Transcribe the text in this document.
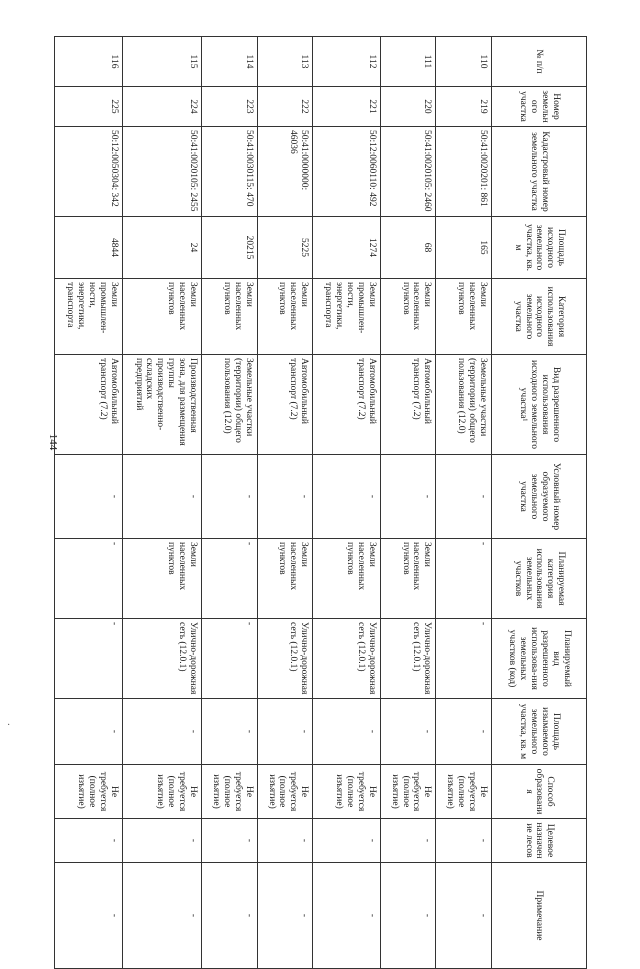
144
·
№ п/п	Номер земельного участка	Кадастровый номер земельного участка	Площадь исходного земельного участка, кв. м	Категория использования исходного земельного участка	Вид разрешенного использования исходного земельного участка¹	Условный номер образуемого земельного участка	Планируемая категория использования земельных участков	Планируемый вид разрешенного использова-ния земельных участков (код)	Площадь изымаемого земельного участка, кв. м	Способ образования	Целевое назначение лесов	Примечание
110	219	50:41:0020201: 861	165	Земли населенных пунктов	Земельные участки (территории) общего пользования (12.0)	-	-	-	-	Не требуется (полное изъятие)	-	-
111	220	50:41:0020105: 2460	68	Земли населенных пунктов	Автомобильный транспорт (7.2)	-	Земли населенных пунктов	Улично-дорожная сеть (12.0.1)	-	Не требуется (полное изъятие)	-	-
112	221	50:12:0060110: 492	1274	Земли промышлен-ности, энергетики, транспорта	Автомобильный транспорт (7.2)	-	Земли населенных пунктов	Улично-дорожная сеть (12.0.1)	-	Не требуется (полное изъятие)	-	-
113	222	50:41:0000000: 46036	5225	Земли населенных пунктов	Автомобильный транспорт (7.2)	-	Земли населенных пунктов	Улично-дорожная сеть (12.0.1)	-	Не требуется (полное изъятие)	-	-
114	223	50:41:0030115: 470	20215	Земли населенных пунктов	Земельные участки (территории) общего пользования (12.0)	-	-	-	-	Не требуется (полное изъятие)	-	-
115	224	50:41:0020105: 2455	24	Земли населенных пунктов	Производственная зона, для размещения группы производственно-складских предприятий	-	Земли населенных пунктов	Улично-дорожная сеть (12.0.1)	-	Не требуется (полное изъятие)	-	-
116	225	50:12:0050304: 342	4844	Земли промышлен-ности, энергетики, транспорта	Автомобильный транспорт (7.2)	-	-	-	-	Не требуется (полное изъятие)	-	-
